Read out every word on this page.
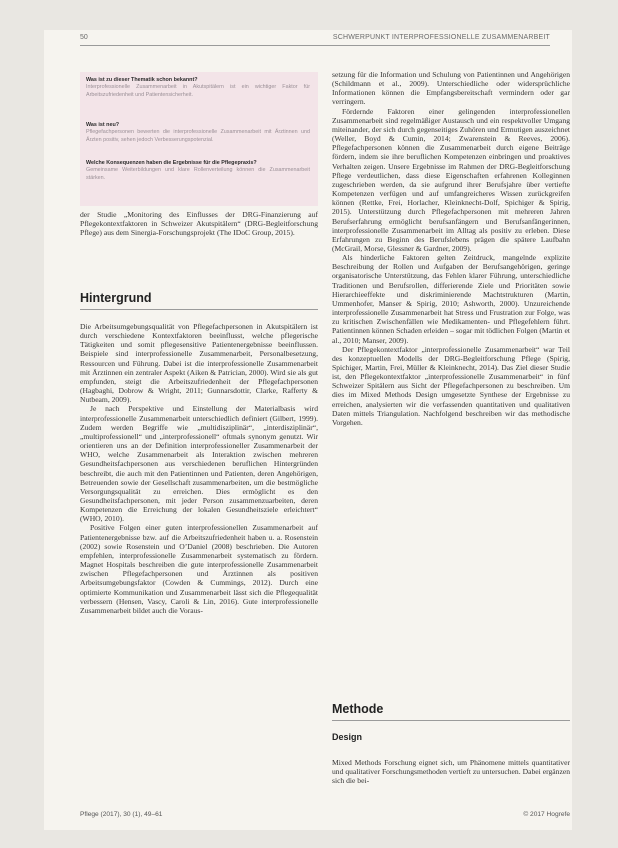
50	SCHWERPUNKT INTERPROFESSIONELLE ZUSAMMENARBEIT
Was ist zu dieser Thematik schon bekannt?
Interprofessionelle Zusammenarbeit in Akutspitälern ist ein wichtiger Faktor für Arbeitszufriedenheit und Patientensicherheit.
Was ist neu?
Pflegefachpersonen bewerten die interprofessionelle Zusammenarbeit mit Ärztinnen und Ärzten positiv, sehen jedoch Verbesserungspotenzial.
Welche Konsequenzen haben die Ergebnisse für die Pflegepraxis?
Gemeinsame Weiterbildungen und klare Rollenverteilung können die Zusammenarbeit stärken.

der Studie „Monitoring des Einflusses der DRG-Finanzierung auf Pflegekontextfaktoren in Schweizer Akutspitälern“ (DRG-Begleitforschung Pflege) aus dem Sinergia-Forschungsprojekt (The IDoC Group, 2015).

Hintergrund

Die Arbeitsumgebungsqualität von Pflegefachpersonen in Akutspitälern ist durch verschiedene Kontextfaktoren beeinflusst, welche pflegerische Tätigkeiten und somit pflegesensitive Patientenergebnisse beeinflussen. Beispiele sind interprofessionelle Zusammenarbeit, Personalbesetzung, Ressourcen und Führung. Dabei ist die interprofessionelle Zusammenarbeit mit Ärztinnen ein zentraler Aspekt (Aiken & Patrician, 2000). Wird sie als gut empfunden, steigt die Arbeitszufriedenheit der Pflegefachpersonen (Hagbaghi, Dobrow & Wright, 2011; Gunnarsdottir, Clarke, Rafferty & Nutbeam, 2009).

Je nach Perspektive und Einstellung der Materialbasis wird interprofessionelle Zusammenarbeit unterschiedlich definiert (Gilbert, 1999). Zudem werden Begriffe wie „multidisziplinär“, „interdisziplinär“, „multiprofessionell“ und „interprofessionell“ oftmals synonym genutzt. Wir orientieren uns an der Definition interprofessioneller Zusammenarbeit der WHO, welche Zusammenarbeit als Interaktion zwischen mehreren Gesundheitsfachpersonen aus verschiedenen beruflichen Hintergründen beschreibt, die auch mit den Patientinnen und Patienten, deren Angehörigen, Betreuenden sowie der Gesellschaft zusammenarbeiten, um die bestmögliche Versorgungsqualität zu erreichen. Dies ermöglicht es den Gesundheitsfachpersonen, mit jeder Person zusammenzuarbeiten, deren Kompetenzen die Erreichung der lokalen Gesundheitsziele erleichtert“ (WHO, 2010).

Positive Folgen einer guten interprofessionellen Zusammenarbeit auf Patientenergebnisse bzw. auf die Arbeitszufriedenheit haben u. a. Rosenstein (2002) sowie Rosenstein und O’Daniel (2008) beschrieben. Die Autoren empfehlen, interprofessionelle Zusammenarbeit systematisch zu fördern. Magnet Hospitals beschreiben die gute interprofessionelle Zusammenarbeit zwischen Pflegefachpersonen und Ärztinnen als positiven Arbeitsumgebungsfaktor (Cowden & Cummings, 2012). Durch eine optimierte Kommunikation und Zusammenarbeit lässt sich die Pflegequalität verbessern (Hensen, Vascy, Caroli & Lin, 2016). Gute interprofessionelle Zusammenarbeit bildet auch die Voraus-

setzung für die Information und Schulung von Patientinnen und Angehörigen (Schildmann et al., 2009). Unterschiedliche oder widersprüchliche Informationen können die Empfangsbereitschaft vermindern oder gar verringern.

Fördernde Faktoren einer gelingenden interprofessionellen Zusammenarbeit sind regelmäßiger Austausch und ein respektvoller Umgang miteinander, der sich durch gegenseitiges Zuhören und Ermutigen auszeichnet (Weller, Boyd & Cumin, 2014; Zwarenstein & Reeves, 2006). Pflegefachpersonen können die Zusammenarbeit durch eigene Beiträge fördern, indem sie ihre beruflichen Kompetenzen einbringen und proaktives Verhalten zeigen. Unsere Ergebnisse im Rahmen der DRG-Begleitforschung Pflege verdeutlichen, dass diese Eigenschaften erfahrenen Kolleginnen zugeschrieben werden, da sie aufgrund ihrer Berufsjahre über vertiefte Kompetenzen verfügen und auf umfangreicheres Wissen zurückgreifen können (Rettke, Frei, Horlacher, Kleinknecht-Dolf, Spichiger & Spirig, 2015). Unterstützung durch Pflegefachpersonen mit mehreren Jahren Berufserfahrung ermöglicht berufsanfängern und Berufsanfängerinnen, interprofessionelle Zusammenarbeit im Alltag als positiv zu erleben. Diese Erfahrungen zu Beginn des Berufslebens prägen die spätere Laufbahn (McGrail, Morse, Glessner & Gardner, 2009).

Als hinderliche Faktoren gelten Zeitdruck, mangelnde explizite Beschreibung der Rollen und Aufgaben der Berufsangehörigen, geringe organisatorische Unterstützung, das Fehlen klarer Führung, unterschiedliche Traditionen und Berufsrollen, differierende Ziele und Prioritäten sowie Hierarchieeffekte und diskriminierende Machtstrukturen (Martin, Ummenhofer, Manser & Spirig, 2010; Ashworth, 2000). Unzureichende interprofessionelle Zusammenarbeit hat Stress und Frustration zur Folge, was zu kritischen Zwischenfällen wie Medikamenten- und Pflegefehlern führt. Patientinnen können Schaden erleiden – sogar mit tödlichen Folgen (Martin et al., 2010; Manser, 2009).

Der Pflegekontextfaktor „interprofessionelle Zusammenarbeit“ war Teil des konzeptuellen Modells der DRG-Begleitforschung Pflege (Spirig, Spichiger, Martin, Frei, Müller & Kleinknecht, 2014). Das Ziel dieser Studie ist, den Pflegekontextfaktor „interprofessionelle Zusammenarbeit“ in fünf Schweizer Spitälern aus Sicht der Pflegefachpersonen zu beschreiben. Um dies im Mixed Methods Design umgesetzte Synthese der Ergebnisse zu erreichen, analysierten wir die verfassenden quantitativen und qualitativen Daten mittels Triangulation. Nachfolgend beschreiben wir das methodische Vorgehen.

Methode
Design

Mixed Methods Forschung eignet sich, um Phänomene mittels quantitativer und qualitativer Forschungsmethoden vertieft zu untersuchen. Dabei ergänzen sich die bei-

Pflege (2017), 30 (1), 49–61	© 2017 Hogrefe
